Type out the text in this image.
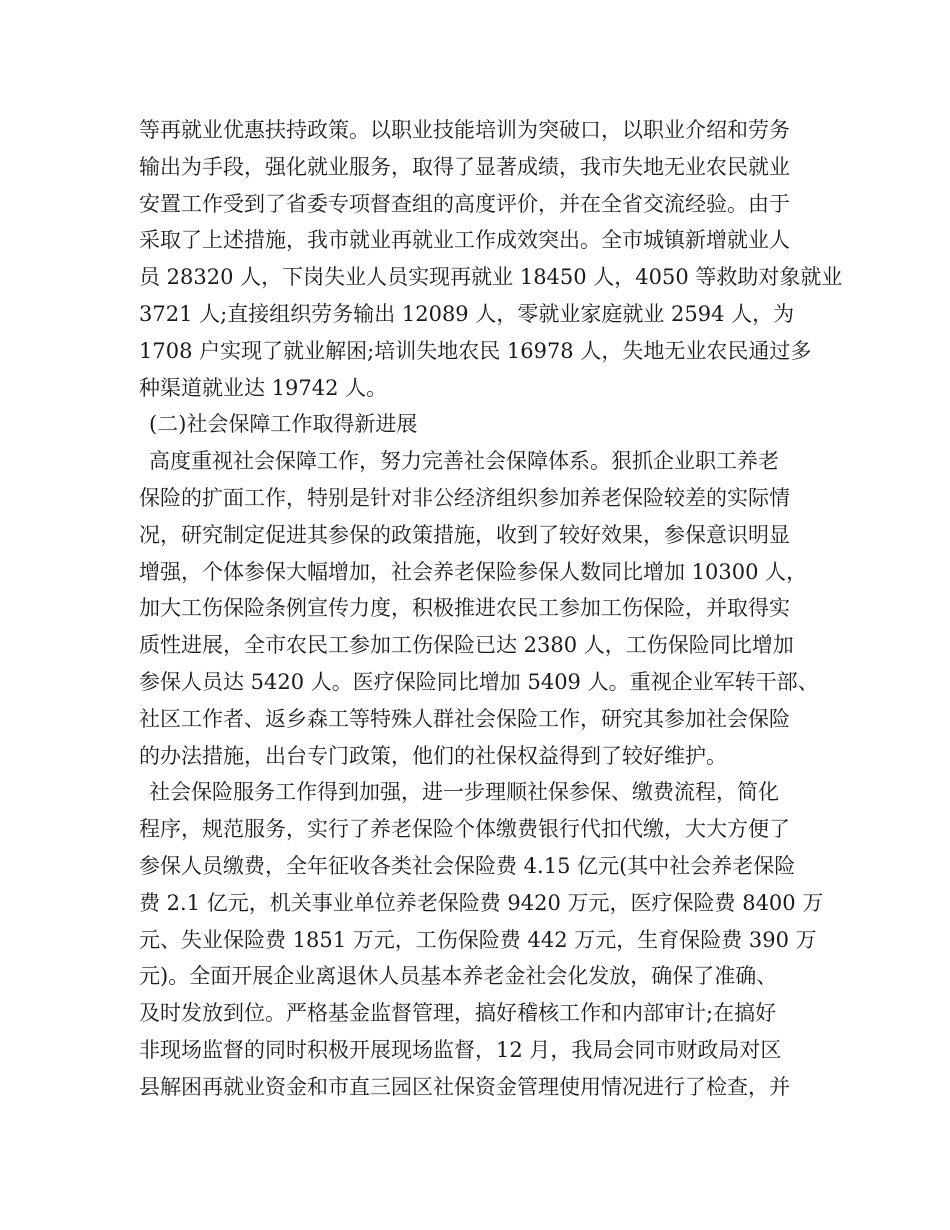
等再就业优惠扶持政策。以职业技能培训为突破口，以职业介绍和劳务
输出为手段，强化就业服务，取得了显著成绩，我市失地无业农民就业
安置工作受到了省委专项督查组的高度评价，并在全省交流经验。由于
采取了上述措施，我市就业再就业工作成效突出。全市城镇新增就业人
员 28320 人，下岗失业人员实现再就业 18450 人，4050 等救助对象就业
3721 人;直接组织劳务输出 12089 人，零就业家庭就业 2594 人，为
1708 户实现了就业解困;培训失地农民 16978 人，失地无业农民通过多
种渠道就业达 19742 人。
(二)社会保障工作取得新进展
高度重视社会保障工作，努力完善社会保障体系。狠抓企业职工养老
保险的扩面工作，特别是针对非公经济组织参加养老保险较差的实际情
况，研究制定促进其参保的政策措施，收到了较好效果，参保意识明显
增强，个体参保大幅增加，社会养老保险参保人数同比增加 10300 人，
加大工伤保险条例宣传力度，积极推进农民工参加工伤保险，并取得实
质性进展，全市农民工参加工伤保险已达 2380 人，工伤保险同比增加
参保人员达 5420 人。医疗保险同比增加 5409 人。重视企业军转干部、
社区工作者、返乡森工等特殊人群社会保险工作，研究其参加社会保险
的办法措施，出台专门政策，他们的社保权益得到了较好维护。
社会保险服务工作得到加强，进一步理顺社保参保、缴费流程，简化
程序，规范服务，实行了养老保险个体缴费银行代扣代缴，大大方便了
参保人员缴费，全年征收各类社会保险费 4.15 亿元(其中社会养老保险
费 2.1 亿元，机关事业单位养老保险费 9420 万元，医疗保险费 8400 万
元、失业保险费 1851 万元，工伤保险费 442 万元，生育保险费 390 万
元)。全面开展企业离退休人员基本养老金社会化发放，确保了准确、
及时发放到位。严格基金监督管理，搞好稽核工作和内部审计;在搞好
非现场监督的同时积极开展现场监督，12 月，我局会同市财政局对区
县解困再就业资金和市直三园区社保资金管理使用情况进行了检查，并
